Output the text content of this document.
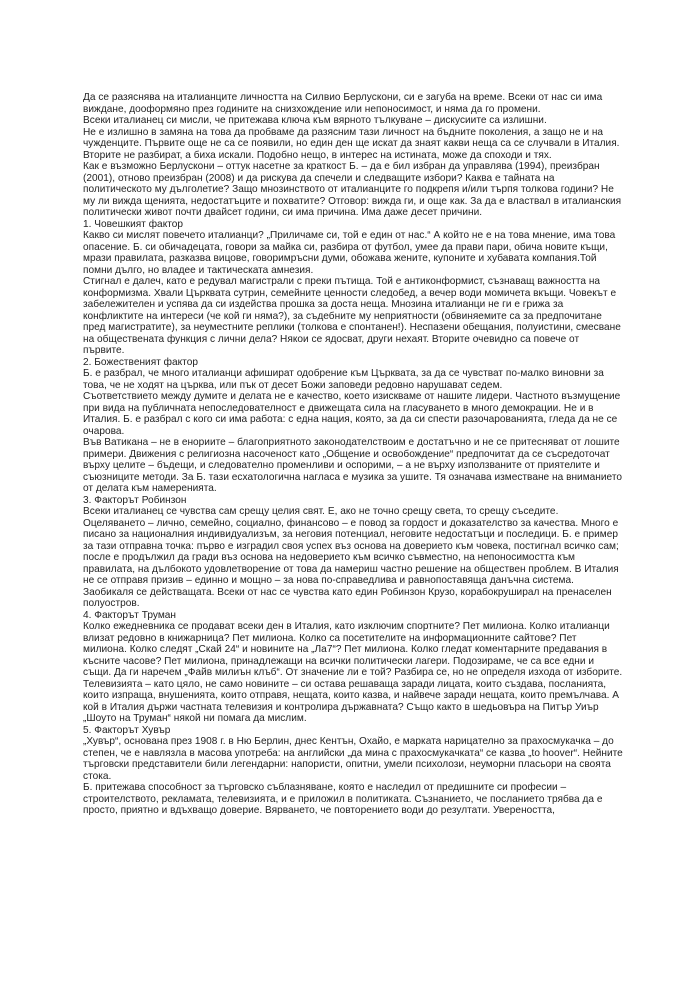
Да се разяснява на италианците личността на Силвио Берлускони, си е загуба на време. Всеки от нас си има виждане, дооформяно през годините на снизхождение или непоносимост, и няма да го промени.

Всеки италианец си мисли, че притежава ключа към вярното тълкуване – дискусиите са излишни.

Не е излишно в замяна на това да пробваме да разясним тази личност на бъдните поколения, а защо не и на чужденците. Първите още не са се появили, но един ден ще искат да знаят какви неща са се случвали в Италия. Вторите не разбират, а биха искали. Подобно нещо, в интерес на истината, може да споходи и тях.

Как е възможно Берлускони – оттук насетне за краткост Б. – да е бил избран да управлява (1994), преизбран (2001), отново преизбран (2008) и да рискува да спечели и следващите избори? Каква е тайната на политическото му дълголетие? Защо мнозинството от италианците го подкрепя и/или търпя толкова години? Не му ли вижда щенията, недостатъците и похватите? Отговор: вижда ги, и още как. За да е властвал в италианския политически живот почти двайсет години, си има причина. Има даже десет причини.

1. Човешкият фактор

Какво си мислят повечето италианци? „Приличаме си, той е един от нас.“ А който не е на това мнение, има това опасение. Б. си обичадецата, говори за майка си, разбира от футбол, умее да прави пари, обича новите къщи, мрази правилата, разказва вицове, говоримръсни думи, обожава жените, купоните и хубавата компания.Той помни дълго, но владее и тактическата амнезия.

Стигнал е далеч, като е редувал магистрали с преки пътища. Той е антиконформист, съзнаващ важността на конформизма. Хвали Църквата сутрин, семейните ценности следобед, а вечер води момичета вкъщи. Човекът е забележителен и успява да си издейства прошка за доста неща. Мнозина италианци не ги е грижа за конфликтите на интереси (че кой ги няма?), за съдебните му неприятности (обвиняемите са за предпочитане пред магистратите), за неуместните реплики (толкова е спонтанен!). Неспазени обещания, полуистини, смесване на обществената функция с лични дела? Някои се ядосват, други нехаят. Вторите очевидно са повече от първите.

2. Божественият фактор

Б. е разбрал, че много италианци афишират одобрение към Църквата, за да се чувстват по-малко виновни за това, че не ходят на църква, или пък от десет Божи заповеди редовно нарушават седем.

Съответствието между думите и делата не е качество, което изискваме от нашите лидери. Частното възмущение при вида на публичната непоследователност е движещата сила на гласуването в много демокрации. Не и в Италия. Б. е разбрал с кого си има работа: с една нация, която, за да си спести разочарованията, гледа да не се очарова.

Във Ватикана – не в енориите – благоприятното законодателствоим е достатъчно и не се притесняват от лошите примери. Движения с религиозна насоченост като „Общение и освобождение“ предпочитат да се съсредоточат върху целите – бъдещи, и следователно променливи и оспорими, – а не върху използваните от приятелите и съюзниците методи. За Б. тази есхатологична нагласа е музика за ушите. Тя означава изместване на вниманието от делата към намеренията.

3. Факторът Робинзон

Всеки италианец се чувства сам срещу целия свят. Е, ако не точно срещу света, то срещу съседите.

Оцеляването – лично, семейно, социално, финансово – е повод за гордост и доказателство за качества. Много е писано за националния индивидуализъм, за неговия потенциал, неговите недостатъци и последици. Б. е пример за тази отправна точка: първо е изградил своя успех въз основа на доверието към човека, постигнал всичко сам; после е продължил да гради въз основа на недоверието към всичко съвместно, на непоносимостта към правилата, на дълбокото удовлетворение от това да намериш частно решение на обществен проблем. В Италия не се отправя призив – единно и мощно – за нова по-справедлива и равнопоставяща данъчна система. Зaобикаля се действащата. Всеки от нас се чувства като един Робинзон Крузо, корабокруширал на пренаселен полуостров.

4. Факторът Труман

Колко ежедневника се продават всеки ден в Италия, като изключим спортните? Пет милиона. Колко италианци влизат редовно в книжарница? Пет милиона. Колко са посетителите на информационните сайтове? Пет милиона. Колко следят „Скай 24“ и новините на „Ла7“? Пет милиона. Колко гледат коментарните предавания в късните часове? Пет милиона, принадлежащи на всички политически лагери. Подозираме, че са все едни и същи. Да ги наречем „Файв милиън клъб“. От значение ли е той? Разбира се, но не определя изхода от изборите. Телевизията – като цяло, не само новините – си остава решаваща заради лицата, които създава, посланията, които изпраща, внушенията, които отправя, нещата, които казва, и найвече заради нещата, които премълчава. А кой в Италия държи частната телевизия и контролира държавната? Също както в шедьовъра на Питър Уиър „Шоуто на Труман“ някой ни помага да мислим.

5. Факторът Хувър

„Хувър“, основана през 1908 г. в Ню Берлин, днес Кентън, Охайо, е марката нарицателно за прахосмукачка – до степен, че е навлязла в масова употреба: на английски „да мина с прахосмукачката“ се казва „to hoover“. Нейните търговски представители били легендарни: напористи, опитни, умели психолози, неуморни пласьори на своята стока.

Б. притежава способност за търговско съблазняване, която е наследил от предишните си професии – строителството, рекламата, телевизията, и е приложил в политиката. Съзнанието, че посланието трябва да е просто, приятно и вдъхващо доверие. Вярването, че повторението води до резултати. Увереността,
